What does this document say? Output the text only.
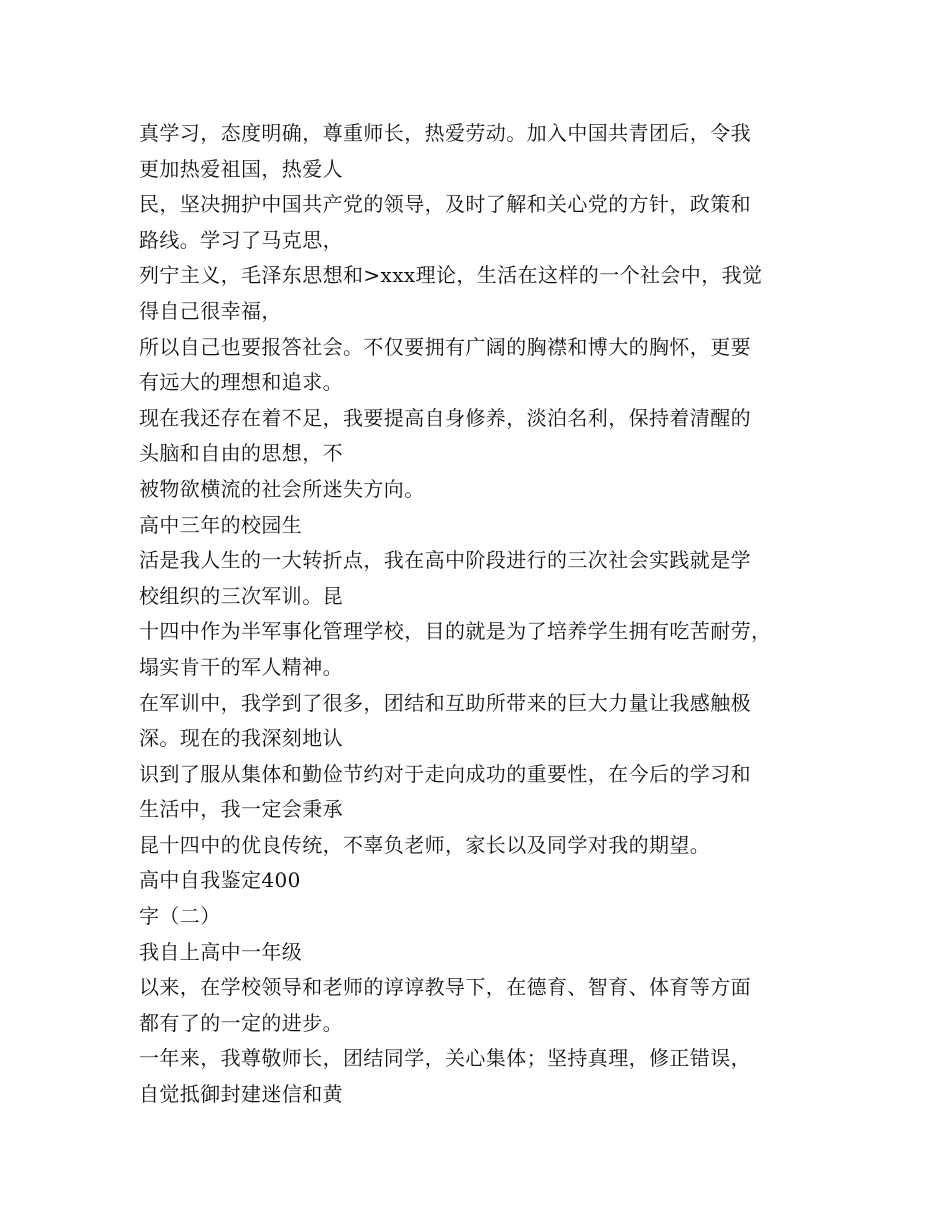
真学习，态度明确，尊重师长，热爱劳动。加入中国共青团后，令我
更加热爱祖国，热爱人
民，坚决拥护中国共产党的领导，及时了解和关心党的方针，政策和
路线。学习了马克思，
列宁主义，毛泽东思想和>xxx理论，生活在这样的一个社会中，我觉
得自己很幸福，
所以自己也要报答社会。不仅要拥有广阔的胸襟和博大的胸怀，更要
有远大的理想和追求。
现在我还存在着不足，我要提高自身修养，淡泊名利，保持着清醒的
头脑和自由的思想，不
被物欲横流的社会所迷失方向。
高中三年的校园生
活是我人生的一大转折点，我在高中阶段进行的三次社会实践就是学
校组织的三次军训。昆
十四中作为半军事化管理学校，目的就是为了培养学生拥有吃苦耐劳，
塌实肯干的军人精神。
在军训中，我学到了很多，团结和互助所带来的巨大力量让我感触极
深。现在的我深刻地认
识到了服从集体和勤俭节约对于走向成功的重要性，在今后的学习和
生活中，我一定会秉承
昆十四中的优良传统，不辜负老师，家长以及同学对我的期望。
高中自我鉴定400
字（二）
我自上高中一年级
以来，在学校领导和老师的谆谆教导下，在德育、智育、体育等方面
都有了的一定的进步。
一年来，我尊敬师长，团结同学，关心集体；坚持真理，修正错误，
自觉抵御封建迷信和黄
